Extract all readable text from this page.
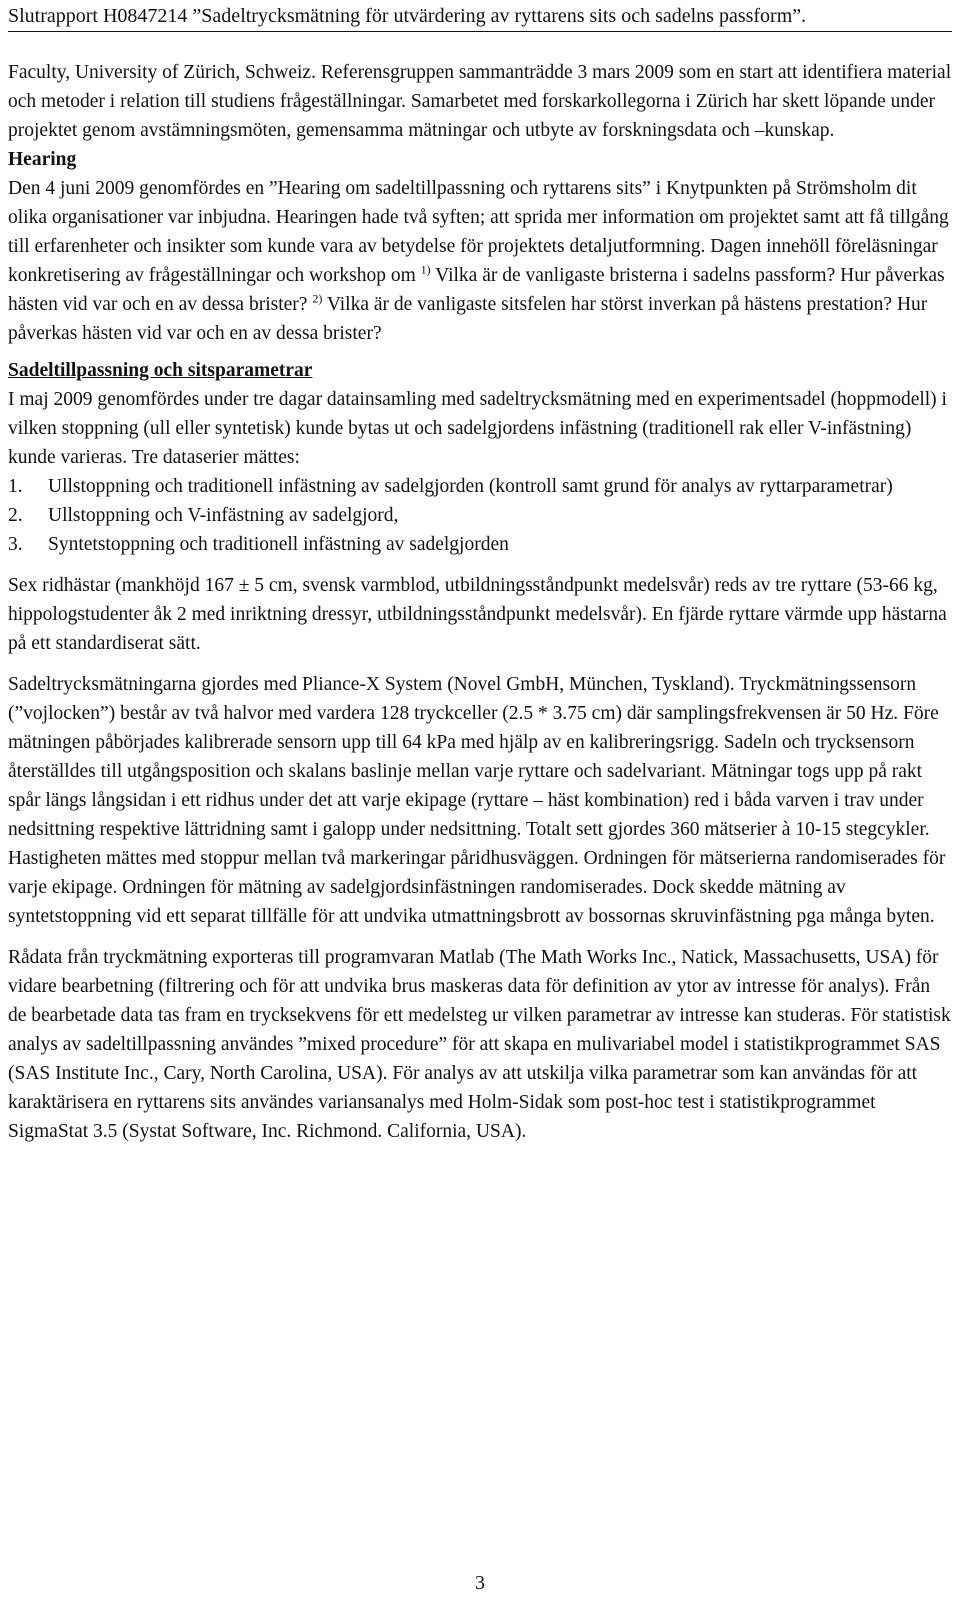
Slutrapport H0847214 ”Sadeltrycksmätning för utvärdering av ryttarens sits och sadelns passform”.

Faculty, University of Zürich, Schweiz. Referensgruppen sammanträdde 3 mars 2009 som en start att identifiera material och metoder i relation till studiens frågeställningar. Samarbetet med forskarkollegorna i Zürich har skett löpande under projektet genom avstämningsmöten, gemensamma mätningar och utbyte av forskningsdata och –kunskap.

Hearing

Den 4 juni 2009 genomfördes en ”Hearing om sadeltillpassning och ryttarens sits” i Knytpunkten på Strömsholm dit olika organisationer var inbjudna. Hearingen hade två syften; att sprida mer information om projektet samt att få tillgång till erfarenheter och insikter som kunde vara av betydelse för projektets detaljutformning. Dagen innehöll föreläsningar konkretisering av frågeställningar och workshop om $^{1)}$ Vilka är de vanligaste bristerna i sadelns passform? Hur påverkas hästen vid var och en av dessa brister? $^{2)}$ Vilka är de vanligaste sitsfelen har störst inverkan på hästens prestation? Hur påverkas hästen vid var och en av dessa brister?

Sadeltillpassning och sitsparametrar

I maj 2009 genomfördes under tre dagar datainsamling med sadeltrycksmätning med en experimentsadel (hoppmodell) i vilken stoppning (ull eller syntetisk) kunde bytas ut och sadelgjordens infästning (traditionell rak eller V-infästning) kunde varieras. Tre dataserier mättes:

1.	Ullstoppning och traditionell infästning av sadelgjorden (kontroll samt grund för analys av ryttarparametrar)
2.	Ullstoppning och V-infästning av sadelgjord,
3.	Syntetstoppning och traditionell infästning av sadelgjorden

Sex ridhästar (mankhöjd 167 ± 5 cm, svensk varmblod, utbildningsståndpunkt medelsvår) reds av tre ryttare (53-66 kg, hippologstudenter åk 2 med inriktning dressyr, utbildningsståndpunkt medelsvår). En fjärde ryttare värmde upp hästarna på ett standardiserat sätt.

Sadeltrycksmätningarna gjordes med Pliance-X System (Novel GmbH, München, Tyskland). Tryckmätningssensorn (”vojlocken”) består av två halvor med vardera 128 tryckceller (2.5 * 3.75 cm) där samplingsfrekvensen är 50 Hz. Före mätningen påbörjades kalibrerade sensorn upp till 64 kPa med hjälp av en kalibreringsrigg. Sadeln och trycksensorn återställdes till utgångsposition och skalans baslinje mellan varje ryttare och sadelvariant. Mätningar togs upp på rakt spår längs långsidan i ett ridhus under det att varje ekipage (ryttare – häst kombination) red i båda varven i trav under nedsittning respektive lättridning samt i galopp under nedsittning. Totalt sett gjordes 360 mätserier à 10-15 stegcykler. Hastigheten mättes med stoppur mellan två markeringar påridhusväggen. Ordningen för mätserierna randomiserades för varje ekipage. Ordningen för mätning av sadelgjordsinfästningen randomiserades. Dock skedde mätning av syntetstoppning vid ett separat tillfälle för att undvika utmattningsbrott av bossornas skruvinfästning pga många byten.

Rådata från tryckmätning exporteras till programvaran Matlab (The Math Works Inc., Natick, Massachusetts, USA) för vidare bearbetning (filtrering och för att undvika brus maskeras data för definition av ytor av intresse för analys). Från de bearbetade data tas fram en trycksekvens för ett medelsteg ur vilken parametrar av intresse kan studeras. För statistisk analys av sadeltillpassning användes ”mixed procedure” för att skapa en mulivariabel model i statistikprogrammet SAS (SAS Institute Inc., Cary, North Carolina, USA). För analys av att utskilja vilka parametrar som kan användas för att karaktärisera en ryttarens sits användes variansanalys med Holm-Sidak som post-hoc test i statistikprogrammet SigmaStat 3.5 (Systat Software, Inc. Richmond. California, USA).

3
